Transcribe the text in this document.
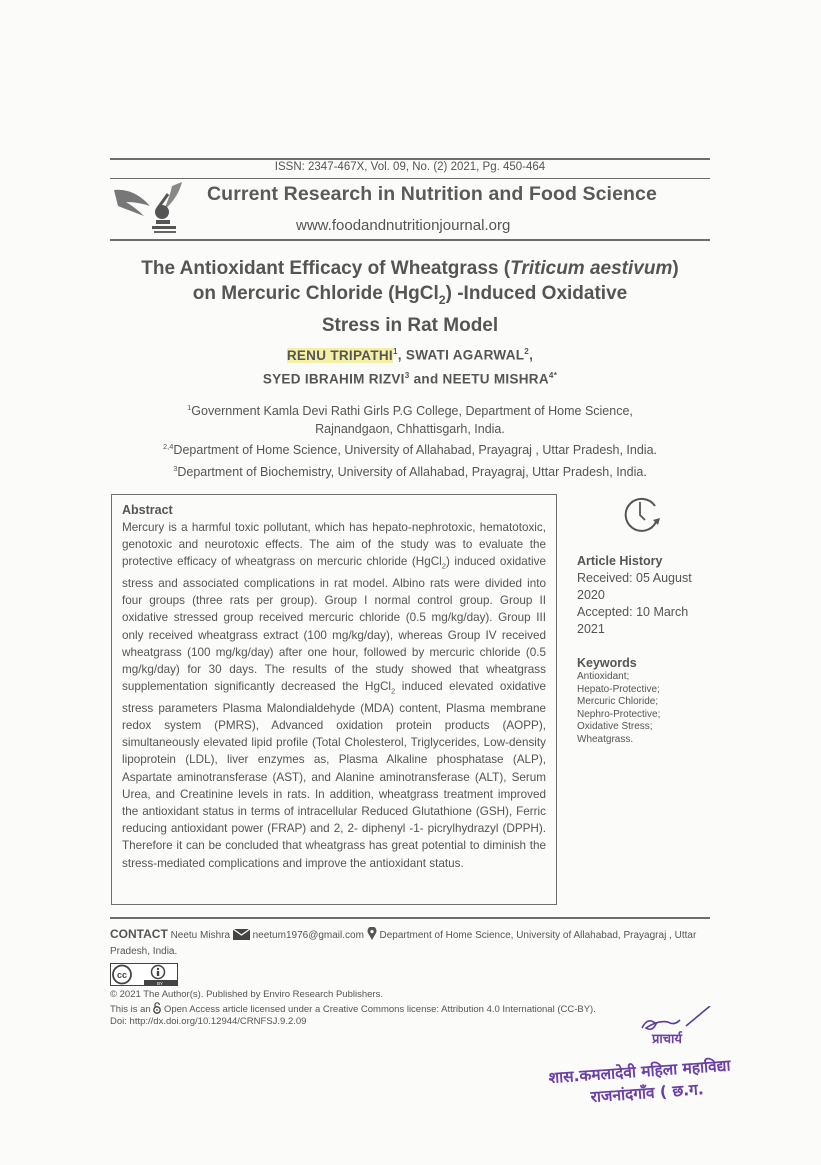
ISSN: 2347-467X, Vol. 09, No. (2) 2021, Pg. 450-464
Current Research in Nutrition and Food Science
www.foodandnutritionjournal.org
The Antioxidant Efficacy of Wheatgrass (Triticum aestivum)
on Mercuric Chloride (HgCl$_2$) -Induced Oxidative
Stress in Rat Model
RENU TRIPATHI$^1$, SWATI AGARWAL$^2$,
SYED IBRAHIM RIZVI$^3$ and NEETU $MISHRA^{4*}$
$^1$Government Kamla Devi Rathi Girls P.G College, Department of Home Science,
Rajnandgaon, Chhattisgarh, India.
$^{2,4}$Department of Home Science, University of Allahabad, Prayagraj , Uttar Pradesh, India.
$^3$Department of Biochemistry, University of Allahabad, Prayagraj, Uttar Pradesh, India.
Abstract
Mercury is a harmful toxic pollutant, which has hepato-nephrotoxic, hematotoxic, genotoxic and neurotoxic effects. The aim of the study was to evaluate the protective efficacy of wheatgrass on mercuric chloride (HgCl$_2$) induced oxidative stress and associated complications in rat model. Albino rats were divided into four groups (three rats per group). Group I normal control group. Group II oxidative stressed group received mercuric chloride (0.5 mg/kg/day). Group III only received wheatgrass extract (100 mg/kg/day), whereas Group IV received wheatgrass (100 mg/kg/day) after one hour, followed by mercuric chloride (0.5 mg/kg/day) for 30 days. The results of the study showed that wheatgrass supplementation significantly decreased the HgCl$_2$ induced elevated oxidative stress parameters Plasma Malondialdehyde (MDA) content, Plasma membrane redox system (PMRS), Advanced oxidation protein products (AOPP), simultaneously elevated lipid profile (Total Cholesterol, Triglycerides, Low-density lipoprotein (LDL), liver enzymes as, Plasma Alkaline phosphatase (ALP), Aspartate aminotransferase (AST), and Alanine aminotransferase (ALT), Serum Urea, and Creatinine levels in rats. In addition, wheatgrass treatment improved the antioxidant status in terms of intracellular Reduced Glutathione (GSH), Ferric reducing antioxidant power (FRAP) and 2, 2- diphenyl -1- picrylhydrazyl (DPPH). Therefore it can be concluded that wheatgrass has great potential to diminish the stress-mediated complications and improve the antioxidant status.
Article History
Received: 05 August
2020
Accepted: 10 March
2021
Keywords
Antioxidant;
Hepato-Protective;
Mercuric Chloride;
Nephro-Protective;
Oxidative Stress;
Wheatgrass.
CONTACT Neetu Mishra neetum1976@gmail.com Department of Home Science, University of Allahabad, Prayagraj , Uttar Pradesh, India.
cc
BY
© 2021 The Author(s). Published by Enviro Research Publishers.
This is an Open Access article licensed under a Creative Commons license: Attribution 4.0 International (CC-BY).
Doi: http://dx.doi.org/10.12944/CRNFSJ.9.2.09
प्राचार्य
शास.कमलादेवी महिला महाविद्या
राजनांदगाँव ( छ.ग.
